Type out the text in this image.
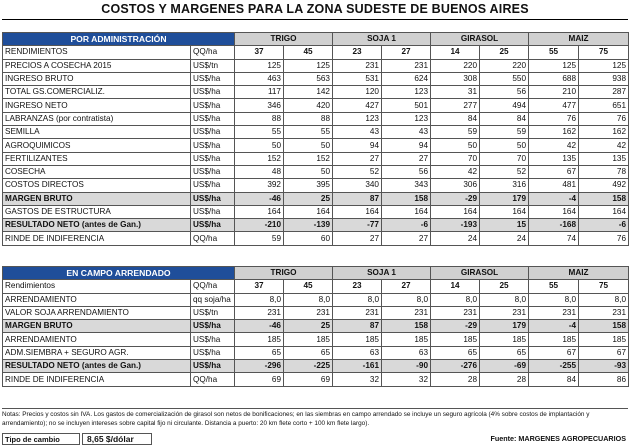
COSTOS Y MARGENES PARA LA ZONA SUDESTE DE BUENOS AIRES
POR ADMINISTRACIÓN		TRIGO		SOJA 1		GIRASOL		MAIZ	
RENDIMIENTOS	QQ/ha	37	45	23	27	14	25	55	75
PRECIOS A COSECHA 2015	US$/tn	125	125	231	231	220	220	125	125
INGRESO BRUTO	US$/ha	463	563	531	624	308	550	688	938
TOTAL GS.COMERCIALIZ.	US$/ha	117	142	120	123	31	56	210	287
INGRESO NETO	US$/ha	346	420	427	501	277	494	477	651
LABRANZAS (por contratista)	US$/ha	88	88	123	123	84	84	76	76
SEMILLA	US$/ha	55	55	43	43	59	59	162	162
AGROQUIMICOS	US$/ha	50	50	94	94	50	50	42	42
FERTILIZANTES	US$/ha	152	152	27	27	70	70	135	135
COSECHA	US$/ha	48	50	52	56	42	52	67	78
COSTOS DIRECTOS	US$/ha	392	395	340	343	306	316	481	492
MARGEN BRUTO	US$/ha	-46	25	87	158	-29	179	-4	158
GASTOS DE ESTRUCTURA	US$/ha	164	164	164	164	164	164	164	164
RESULTADO NETO (antes de Gan.)	US$/ha	-210	-139	-77	-6	-193	15	-168	-6
RINDE DE INDIFERENCIA	QQ/ha	59	60	27	27	24	24	74	76
EN CAMPO ARRENDADO		TRIGO		SOJA 1		GIRASOL		MAIZ	
Rendimientos	QQ/ha	37	45	23	27	14	25	55	75
ARRENDAMIENTO	qq soja/ha	8,0	8,0	8,0	8,0	8,0	8,0	8,0	8,0
VALOR SOJA ARRENDAMIENTO	US$/tn	231	231	231	231	231	231	231	231
MARGEN BRUTO	US$/ha	-46	25	87	158	-29	179	-4	158
ARRENDAMIENTO	US$/ha	185	185	185	185	185	185	185	185
ADM.SIEMBRA + SEGURO AGR.	US$/ha	65	65	63	63	65	65	67	67
RESULTADO NETO (antes de Gan.)	US$/ha	-296	-225	-161	-90	-276	-69	-255	-93
RINDE DE INDIFERENCIA	QQ/ha	69	69	32	32	28	28	84	86
Notas: Precios y costos sin IVA. Los gastos de comercialización de girasol son netos de bonificaciones; en las siembras en campo arrendado se incluye un seguro agrícola (4% sobre costos de implantación y arrendamiento); no se incluyen intereses sobre capital fijo ni circulante. Distancia a puerto: 20 km flete corto + 100 km flete largo).
Tipo de cambio	8,65 $/dólar	Fuente: MARGENES AGROPECUARIOS
